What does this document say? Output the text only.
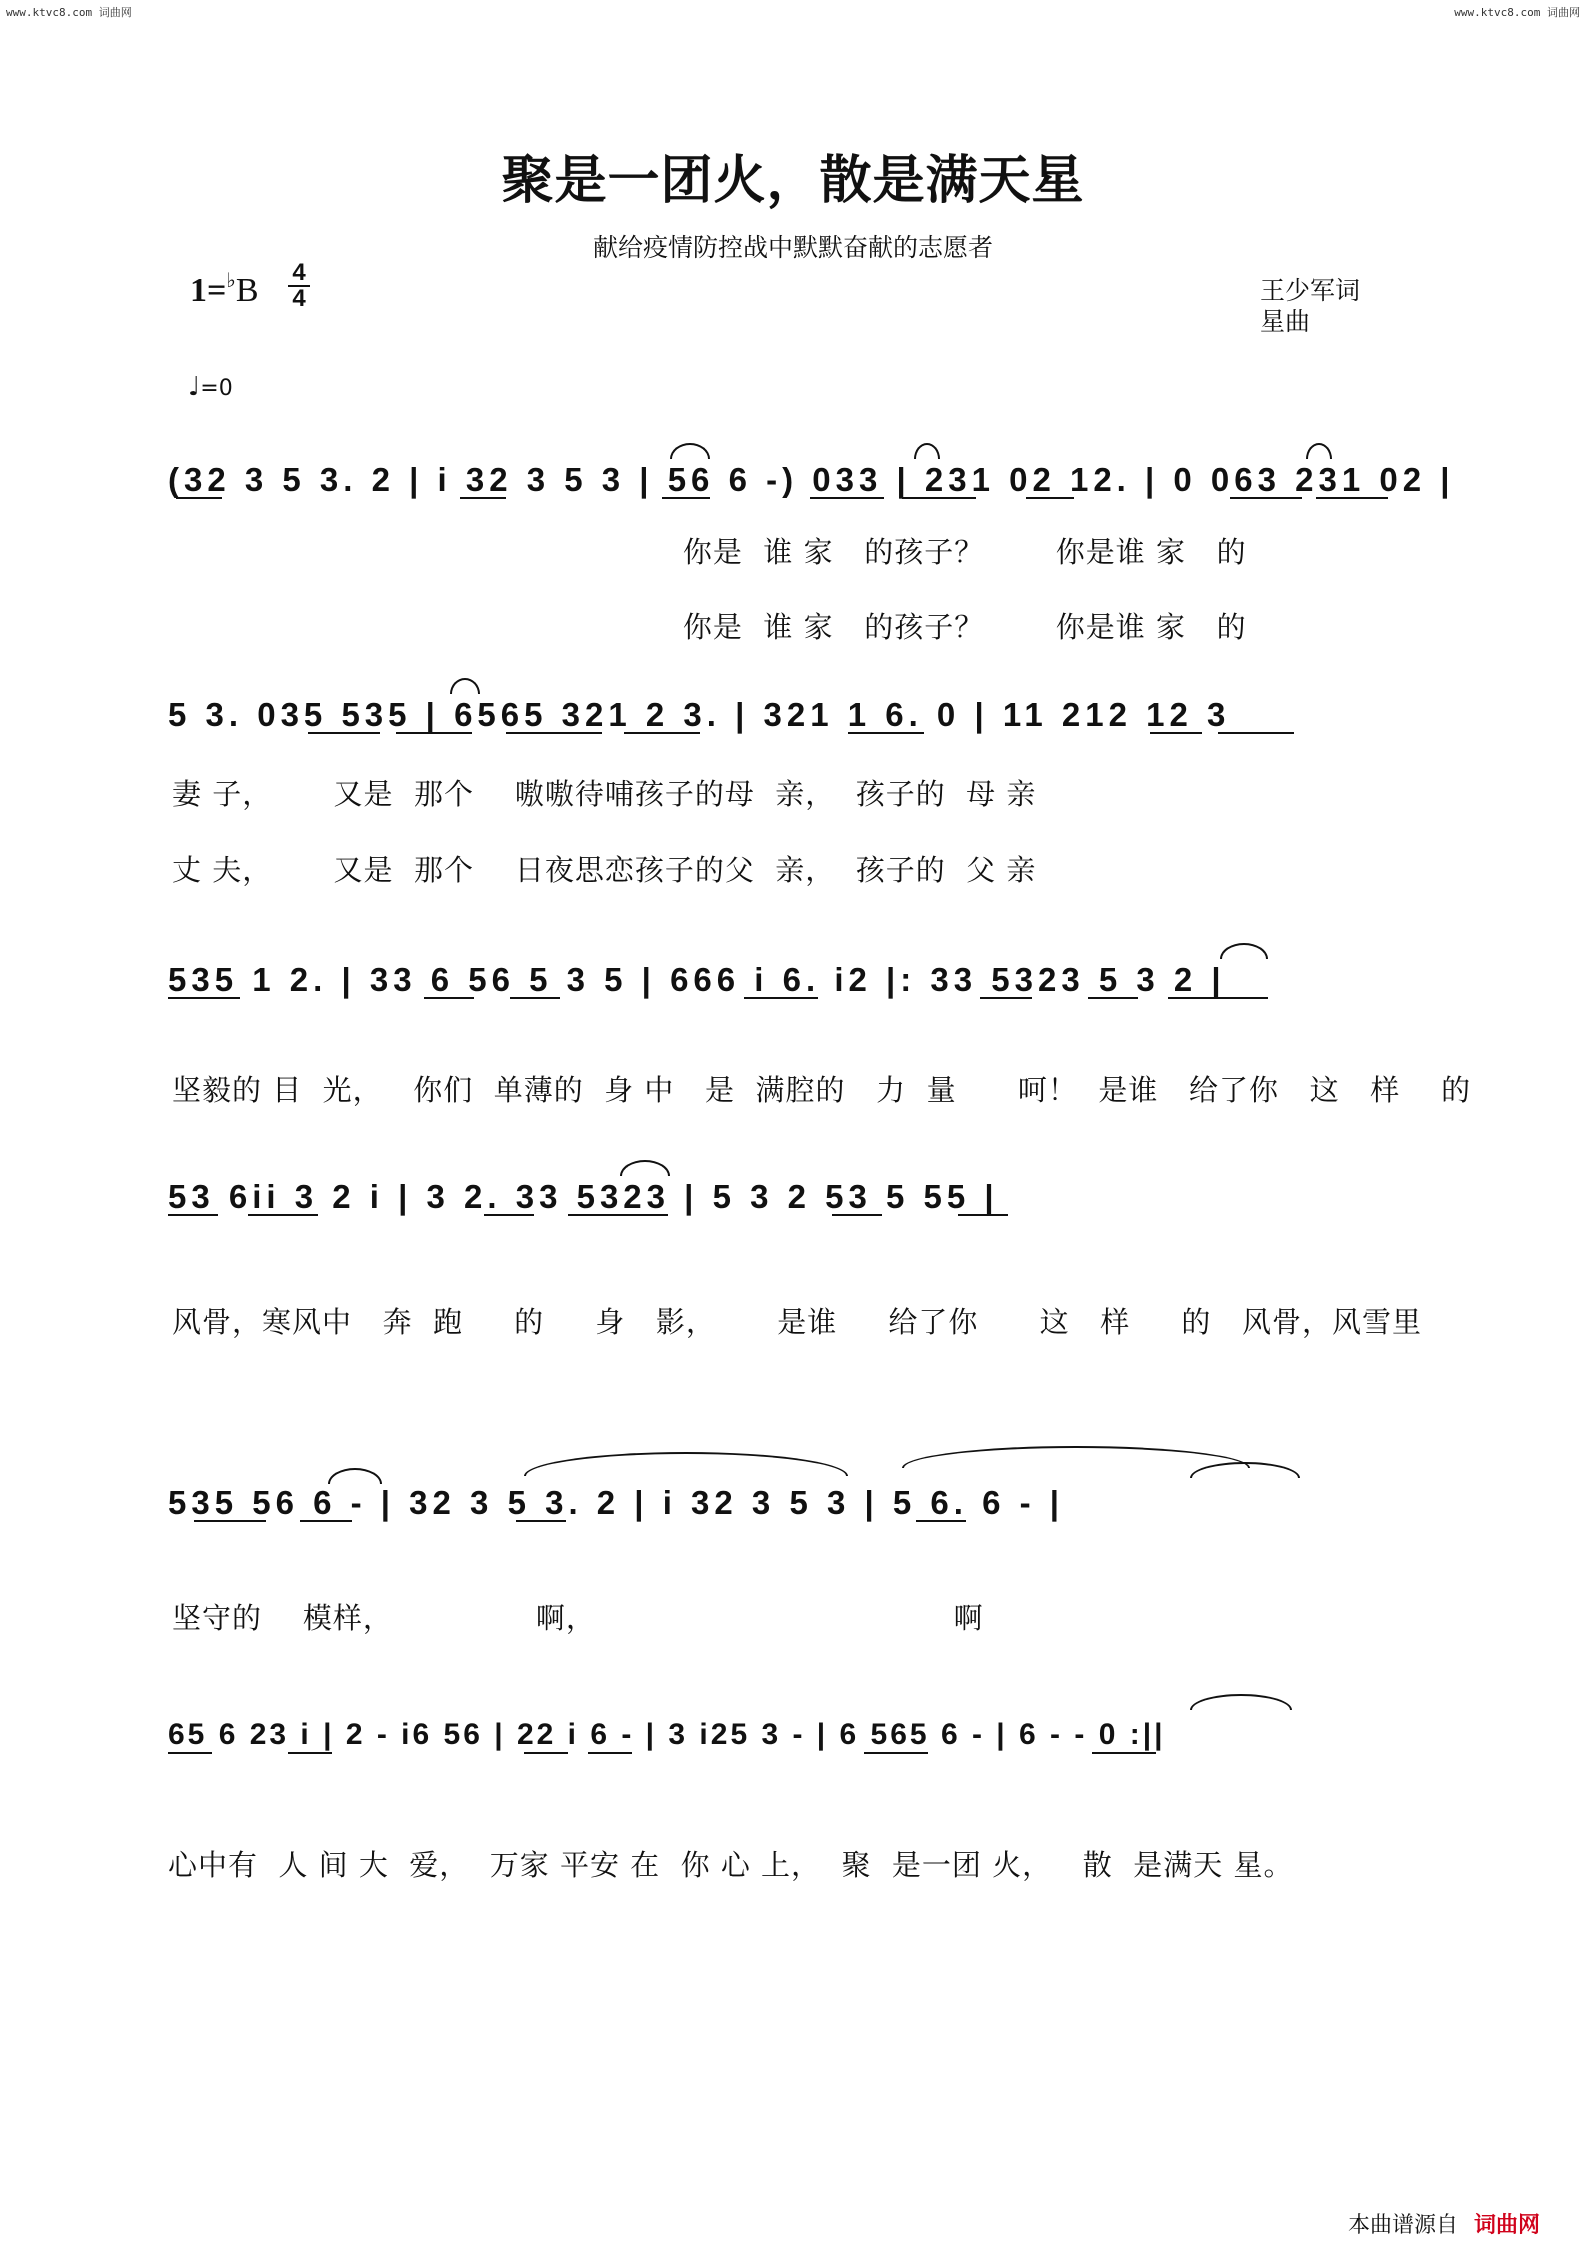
www.ktvc8.com 词曲网	www.ktvc8.com 词曲网
聚是一团火，散是满天星
献给疫情防控战中默默奋献的志愿者
1=♭B 4
4	王少军词
星曲
♩=0
(32 3 5 3. 2 | i 32 3 5 3 | 56 6 -) 033 | 231 02 12. | 0 063 231 02 |
你是  谁 家   的孩子？       你是谁 家   的
你是  谁 家   的孩子？       你是谁 家   的
5 3. 035 535 | 6565 321 2 3. | 321 1 6. 0 | 11 212 12 3
妻 子，      又是  那个    嗷嗷待哺孩子的母  亲，  孩子的  母 亲
丈 夫，      又是  那个    日夜思恋孩子的父  亲，  孩子的  父 亲
535 1 2. | 33 6 56 5 3 5 | 666 i 6. i2 |: 33 5323 5 3 2 |
坚毅的 目  光，   你们  单薄的  身 中   是  满腔的   力  量      呵！  是谁   给了你   这   样    的
53 6ii 3 2 i | 3 2. 33 5323 | 5 3 2 53 5 55 |
风骨，寒风中   奔  跑     的     身   影，      是谁     给了你      这   样     的   风骨，风雪里
535 56 6 - | 32 3 5 3. 2 | i 32 3 5 3 | 5 6. 6 - |
坚守的    模样，              啊，                                   啊
65 6 23 i | 2 - i6 56 | 22 i 6 - | 3 i25 3 - | 6 565 6 - | 6 - - 0 :||
心中有  人 间 大  爱，  万家 平安 在  你 心 上，  聚  是一团 火，   散  是满天 星。
本曲谱源自 词曲网
